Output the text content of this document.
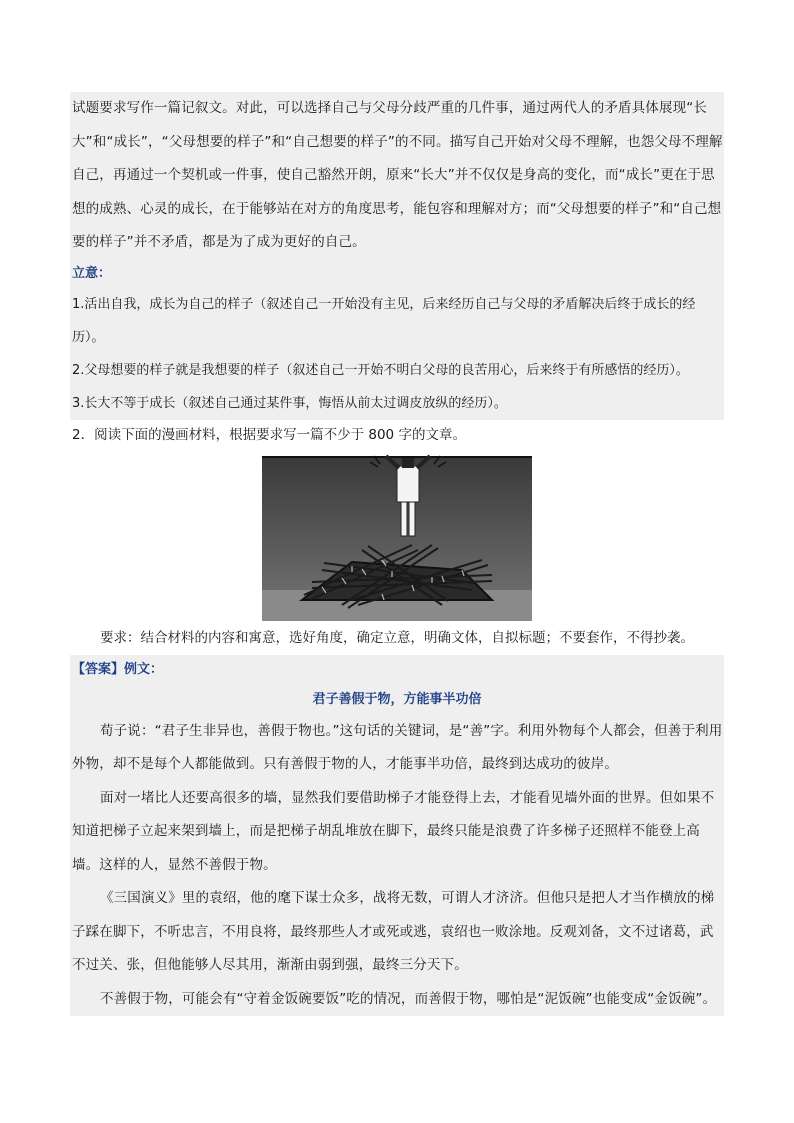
试题要求写作一篇记叙文。对此，可以选择自己与父母分歧严重的几件事，通过两代人的矛盾具体展现“长大”和“成长”，“父母想要的样子”和“自己想要的样子”的不同。描写自己开始对父母不理解，也怨父母不理解自己，再通过一个契机或一件事，使自己豁然开朗，原来“长大”并不仅仅是身高的变化，而“成长”更在于思想的成熟、心灵的成长，在于能够站在对方的角度思考，能包容和理解对方；而“父母想要的样子”和“自己想要的样子”并不矛盾，都是为了成为更好的自己。

立意：

1.活出自我，成长为自己的样子（叙述自己一开始没有主见，后来经历自己与父母的矛盾解决后终于成长的经历）。

2.父母想要的样子就是我想要的样子（叙述自己一开始不明白父母的良苦用心，后来终于有所感悟的经历）。

3.长大不等于成长（叙述自己通过某件事，悔悟从前太过调皮放纵的经历）。

2．阅读下面的漫画材料，根据要求写一篇不少于 800 字的文章。

要求：结合材料的内容和寓意，选好角度，确定立意，明确文体，自拟标题；不要套作，不得抄袭。

【答案】例文：

君子善假于物，方能事半功倍

荀子说：“君子生非异也，善假于物也。”这句话的关键词，是“善”字。利用外物每个人都会，但善于利用外物，却不是每个人都能做到。只有善假于物的人，才能事半功倍，最终到达成功的彼岸。

面对一堵比人还要高很多的墙，显然我们要借助梯子才能登得上去，才能看见墙外面的世界。但如果不知道把梯子立起来架到墙上，而是把梯子胡乱堆放在脚下，最终只能是浪费了许多梯子还照样不能登上高墙。这样的人，显然不善假于物。

《三国演义》里的袁绍，他的麾下谋士众多，战将无数，可谓人才济济。但他只是把人才当作横放的梯子踩在脚下，不听忠言，不用良将，最终那些人才或死或逃，袁绍也一败涂地。反观刘备，文不过诸葛，武不过关、张，但他能够人尽其用，渐渐由弱到强，最终三分天下。

不善假于物，可能会有“守着金饭碗要饭”吃的情况，而善假于物，哪怕是“泥饭碗”也能变成“金饭碗”。
